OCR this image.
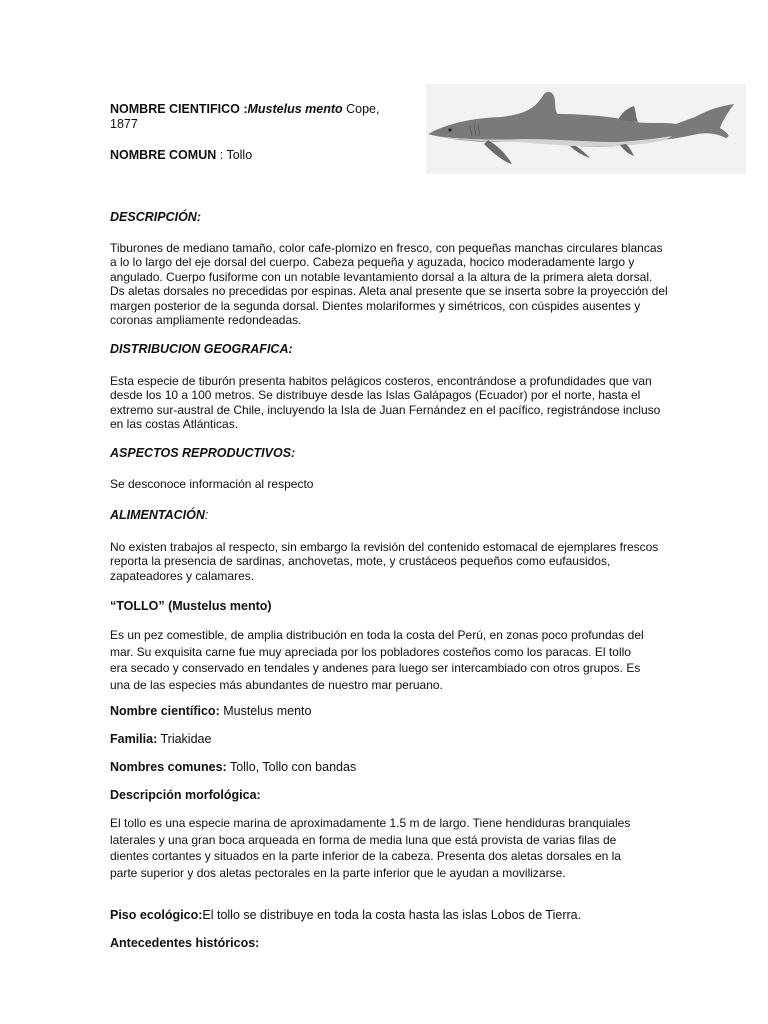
NOMBRE CIENTIFICO :Mustelus mento Cope,
1877
NOMBRE COMUN : Tollo

DESCRIPCIÓN:

Tiburones de mediano tamaño, color cafe-plomizo en fresco, con pequeñas manchas circulares blancas a lo lo largo del eje dorsal del cuerpo. Cabeza pequeña y aguzada, hocico moderadamente largo y angulado. Cuerpo fusiforme con un notable levantamiento dorsal a la altura de la primera aleta dorsal. Ds aletas dorsales no precedidas por espinas. Aleta anal presente que se inserta sobre la proyección del margen posterior de la segunda dorsal. Dientes molariformes y simétricos, con cúspides ausentes y coronas ampliamente redondeadas.

DISTRIBUCION GEOGRAFICA:

Esta especie de tiburón presenta habitos pelágicos costeros, encontrándose a profundidades que van desde los 10 a 100 metros. Se distribuye desde las Islas Galápagos (Ecuador) por el norte, hasta el extremo sur-austral de Chile, incluyendo la Isla de Juan Fernández en el pacífico, registrándose incluso en las costas Atlánticas.

ASPECTOS REPRODUCTIVOS:

Se desconoce información al respecto

ALIMENTACIÓN:

No existen trabajos al respecto, sin embargo la revisión del contenido estomacal de ejemplares frescos reporta la presencia de sardinas, anchovetas, mote, y crustáceos pequeños como eufausidos, zapateadores y calamares.

“TOLLO” (Mustelus mento)

Es un pez comestible, de amplia distribución en toda la costa del Perú, en zonas poco profundas del mar. Su exquisita carne fue muy apreciada por los pobladores costeños como los paracas. El tollo era secado y conservado en tendales y andenes para luego ser intercambiado con otros grupos. Es una de las especies más abundantes de nuestro mar peruano.

Nombre científico: Mustelus mento

Familia: Triakidae

Nombres comunes: Tollo, Tollo con bandas

Descripción morfológica:

El tollo es una especie marina de aproximadamente 1.5 m de largo. Tiene hendiduras branquiales laterales y una gran boca arqueada en forma de media luna que está provista de varias filas de dientes cortantes y situados en la parte inferior de la cabeza. Presenta dos aletas dorsales en la parte superior y dos aletas pectorales en la parte inferior que le ayudan a movilizarse.

Piso ecológico:El tollo se distribuye en toda la costa hasta las islas Lobos de Tierra.

Antecedentes históricos:
